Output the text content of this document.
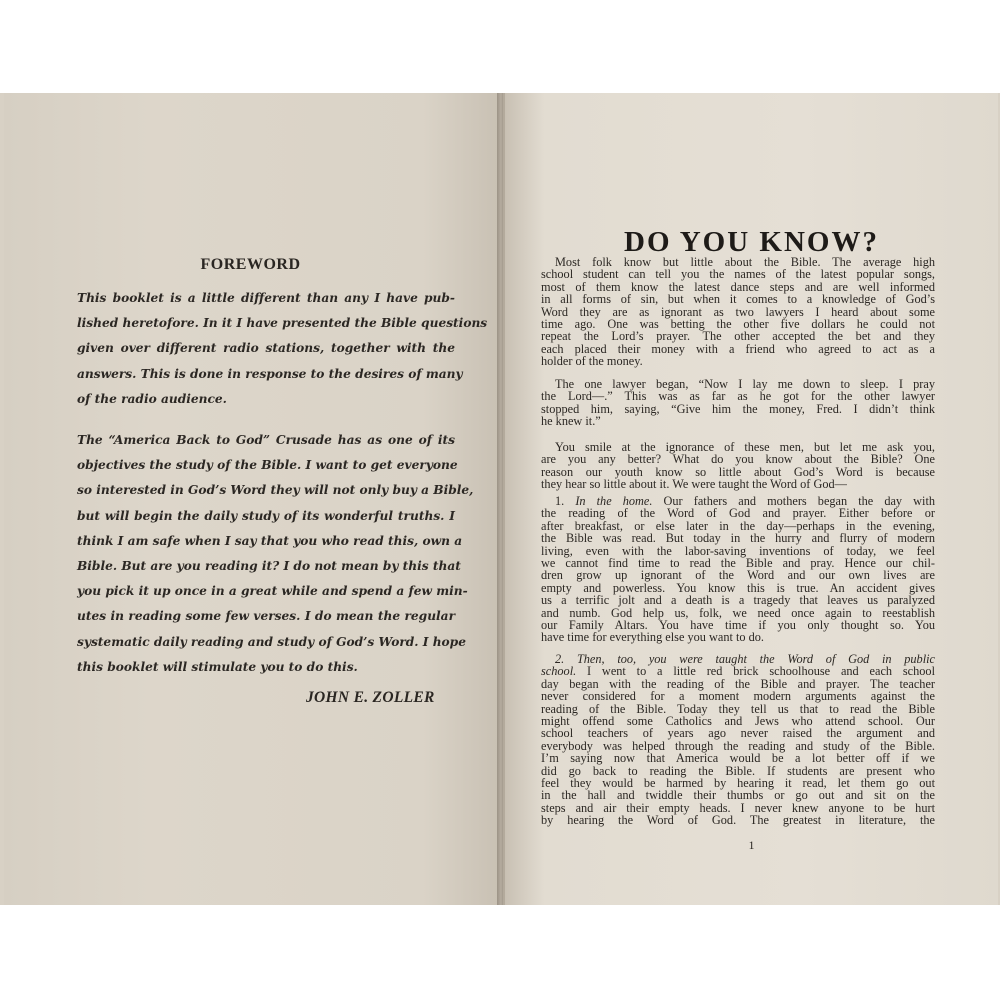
FOREWORD
This booklet is a little different than any I have pub-
lished heretofore. In it I have presented the Bible questions
given over different radio stations, together with the
answers. This is done in response to the desires of many
of the radio audience.
The “America Back to God” Crusade has as one of its
objectives the study of the Bible. I want to get everyone
so interested in God’s Word they will not only buy a Bible,
but will begin the daily study of its wonderful truths. I
think I am safe when I say that you who read this, own a
Bible. But are you reading it? I do not mean by this that
you pick it up once in a great while and spend a few min-
utes in reading some few verses. I do mean the regular
systematic daily reading and study of God’s Word. I hope
this booklet will stimulate you to do this.
JOHN E. ZOLLER
DO YOU KNOW?
Most folk know but little about the Bible. The average high
school student can tell you the names of the latest popular songs,
most of them know the latest dance steps and are well informed
in all forms of sin, but when it comes to a knowledge of God’s
Word they are as ignorant as two lawyers I heard about some
time ago. One was betting the other five dollars he could not
repeat the Lord’s prayer. The other accepted the bet and they
each placed their money with a friend who agreed to act as a
holder of the money.
The one lawyer began, “Now I lay me down to sleep. I pray
the Lord—.” This was as far as he got for the other lawyer
stopped him, saying, “Give him the money, Fred. I didn’t think
he knew it.”
You smile at the ignorance of these men, but let me ask you,
are you any better? What do you know about the Bible? One
reason our youth know so little about God’s Word is because
they hear so little about it. We were taught the Word of God—
1. In the home. Our fathers and mothers began the day with
the reading of the Word of God and prayer. Either before or
after breakfast, or else later in the day—perhaps in the evening,
the Bible was read. But today in the hurry and flurry of modern
living, even with the labor-saving inventions of today, we feel
we cannot find time to read the Bible and pray. Hence our chil-
dren grow up ignorant of the Word and our own lives are
empty and powerless. You know this is true. An accident gives
us a terrific jolt and a death is a tragedy that leaves us paralyzed
and numb. God help us, folk, we need once again to reestablish
our Family Altars. You have time if you only thought so. You
have time for everything else you want to do.
2. Then, too, you were taught the Word of God in public
school. I went to a little red brick schoolhouse and each school
day began with the reading of the Bible and prayer. The teacher
never considered for a moment modern arguments against the
reading of the Bible. Today they tell us that to read the Bible
might offend some Catholics and Jews who attend school. Our
school teachers of years ago never raised the argument and
everybody was helped through the reading and study of the Bible.
I’m saying now that America would be a lot better off if we
did go back to reading the Bible. If students are present who
feel they would be harmed by hearing it read, let them go out
in the hall and twiddle their thumbs or go out and sit on the
steps and air their empty heads. I never knew anyone to be hurt
by hearing the Word of God. The greatest in literature, the
1
